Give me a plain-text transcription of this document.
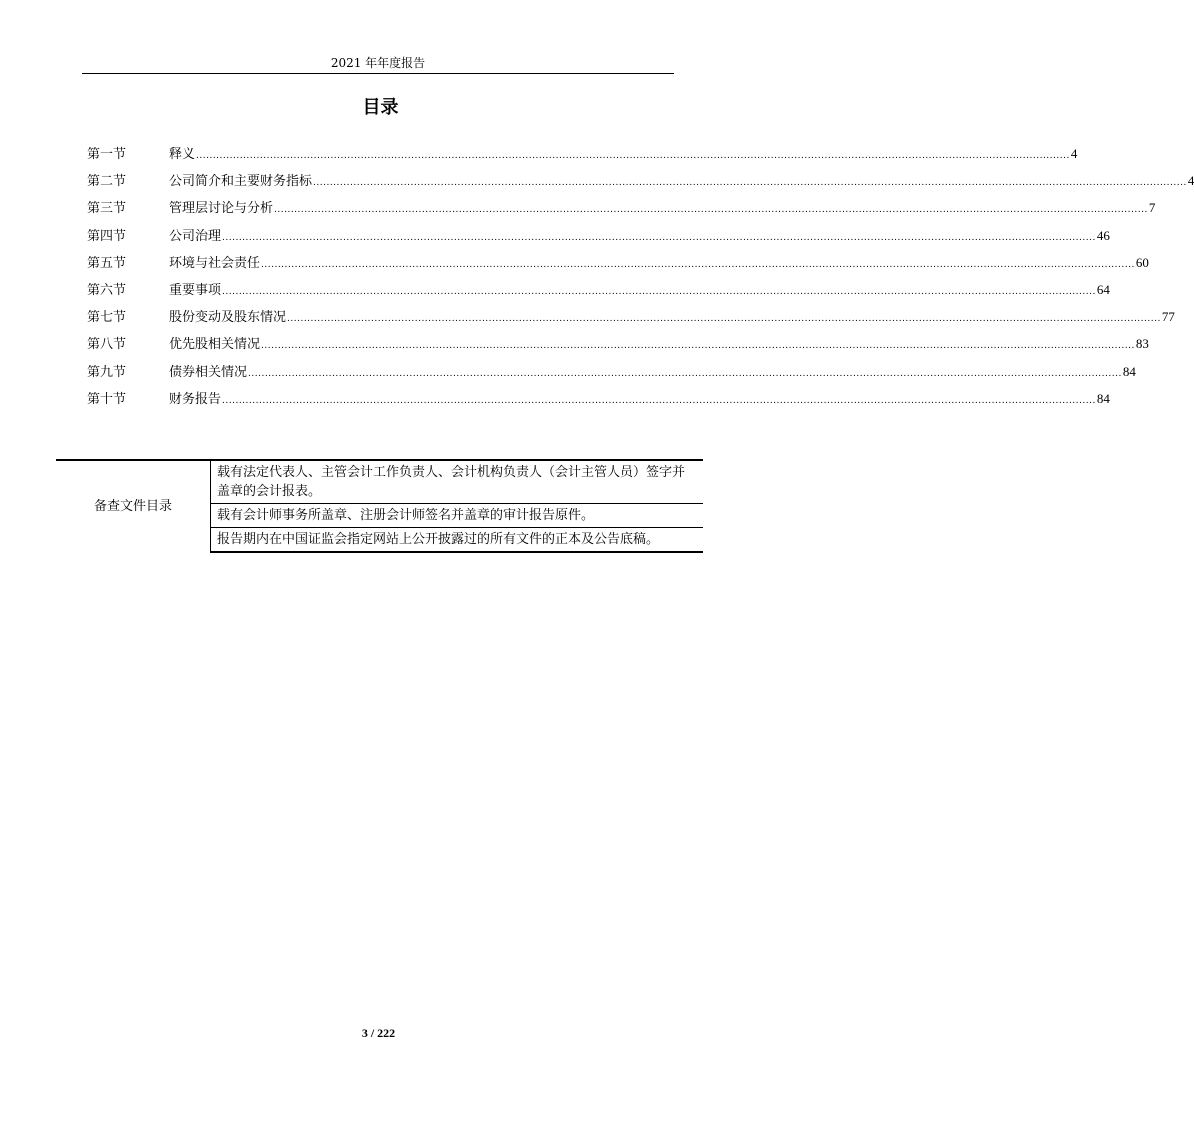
2021 年年度报告
目录
第一节	释义 .................................................................................................................................................................................................................................................................... 4
第二节	公司简介和主要财务指标 .................................................................................................................................................................................................................................................................... 4
第三节	管理层讨论与分析 .................................................................................................................................................................................................................................................................... 7
第四节	公司治理 .................................................................................................................................................................................................................................................................... 46
第五节	环境与社会责任 .................................................................................................................................................................................................................................................................... 60
第六节	重要事项 .................................................................................................................................................................................................................................................................... 64
第七节	股份变动及股东情况 .................................................................................................................................................................................................................................................................... 77
第八节	优先股相关情况 .................................................................................................................................................................................................................................................................... 83
第九节	债券相关情况 .................................................................................................................................................................................................................................................................... 84
第十节	财务报告 .................................................................................................................................................................................................................................................................... 84
备查文件目录	载有法定代表人、主管会计工作负责人、会计机构负责人（会计主管人员）签字并盖章的会计报表。
载有会计师事务所盖章、注册会计师签名并盖章的审计报告原件。
报告期内在中国证监会指定网站上公开披露过的所有文件的正本及公告底稿。
3 / 222
